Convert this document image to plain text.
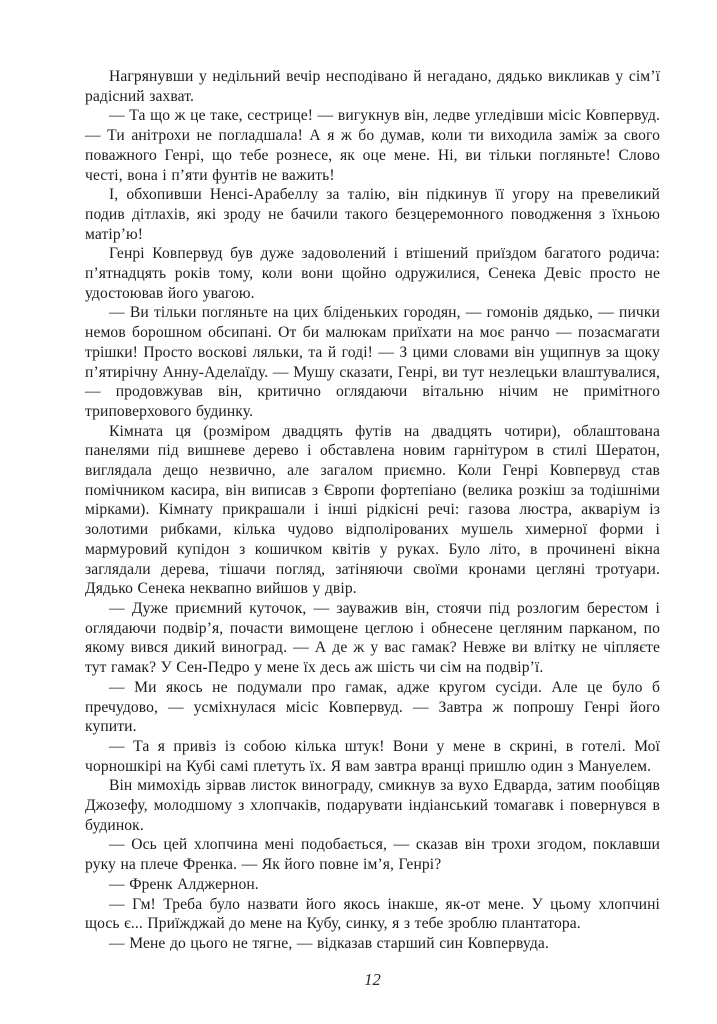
Нагрянувши у недільний вечір несподівано й негадано, дядько викликав у сім’ї радісний захват.

— Та що ж це таке, сестрице! — вигукнув він, ледве угледівши місіс Ковпервуд. — Ти анітрохи не погладшала! А я ж бо думав, коли ти виходила заміж за свого поважного Генрі, що тебе рознесе, як оце мене. Ні, ви тільки погляньте! Слово честі, вона і п’яти фунтів не важить!

І, обхопивши Ненсі-Арабеллу за талію, він підкинув її угору на превеликий подив дітлахів, які зроду не бачили такого безцеремонного поводження з їхньою матір’ю!

Генрі Ковпервуд був дуже задоволений і втішений приїздом багатого родича: п’ятнадцять років тому, коли вони щойно одружилися, Сенека Девіс просто не удостоював його увагою.

— Ви тільки погляньте на цих бліденьких городян, — гомонів дядько, — пички немов борошном обсипані. От би малюкам приїхати на моє ранчо — позасмагати трішки! Просто воскові ляльки, та й годі! — З цими словами він ущипнув за щоку п’ятирічну Анну-Аделаїду. — Мушу сказати, Генрі, ви тут незлецьки влаштувалися, — продовжував він, критично оглядаючи вітальню нічим не примітного триповерхового будинку.

Кімната ця (розміром двадцять футів на двадцять чотири), облаштована панелями під вишневе дерево і обставлена новим гарнітуром в стилі Шератон, виглядала дещо незвично, але загалом приємно. Коли Генрі Ковпервуд став помічником касира, він виписав з Європи фортепіано (велика розкіш за тодішніми мірками). Кімнату прикрашали і інші рідкісні речі: газова люстра, акваріум із золотими рибками, кілька чудово відполірованих мушель химерної форми і мармуровий купідон з кошичком квітів у руках. Було літо, в прочинені вікна заглядали дерева, тішачи погляд, затіняючи своїми кронами цегляні тротуари. Дядько Сенека неквапно вийшов у двір.

— Дуже приємний куточок, — зауважив він, стоячи під розлогим берестом і оглядаючи подвір’я, почасти вимощене цеглою і обнесене цегляним парканом, по якому вився дикий виноград. — А де ж у вас гамак? Невже ви влітку не чіпляєте тут гамак? У Сен-Педро у мене їх десь аж шість чи сім на подвір’ї.

— Ми якось не подумали про гамак, адже кругом сусіди. Але це було б пречудово, — усміхнулася місіс Ковпервуд. — Завтра ж попрошу Генрі його купити.

— Та я привіз із собою кілька штук! Вони у мене в скрині, в готелі. Мої чорношкірі на Кубі самі плетуть їх. Я вам завтра вранці пришлю один з Мануелем.

Він мимохідь зірвав листок винограду, смикнув за вухо Едварда, затим пообіцяв Джозефу, молодшому з хлопчаків, подарувати індіанський томагавк і повернувся в будинок.

— Ось цей хлопчина мені подобається, — сказав він трохи згодом, поклавши руку на плече Френка. — Як його повне ім’я, Генрі?

— Френк Алджернон.

— Гм! Треба було назвати його якось інакше, як-от мене. У цьому хлопчині щось є... Приїжджай до мене на Кубу, синку, я з тебе зроблю плантатора.

— Мене до цього не тягне, — відказав старший син Ковпервуда.

12
